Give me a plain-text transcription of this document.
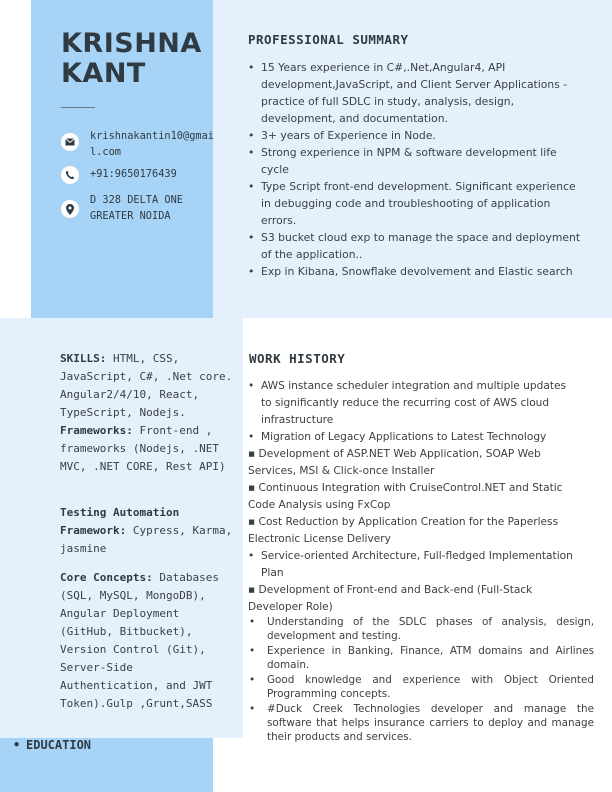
KRISHNA
KANT
krishnakantin10@gmail.com
+91:9650176439
D 328 DELTA ONE
GREATER NOIDA
PROFESSIONAL SUMMARY
• 15 Years experience in C#,.Net,Angular4, API development,JavaScript, and Client Server Applications - practice of full SDLC in study, analysis, design, development, and documentation.
• 3+ years of Experience in Node.
• Strong experience in NPM & software development life cycle
• Type Script front-end development. Significant experience in debugging code and troubleshooting of application errors.
• S3 bucket cloud exp to manage the space and deployment of the application..
• Exp in Kibana, Snowflake devolvement and Elastic search
SKILLS: HTML, CSS, JavaScript, C#, .Net core. Angular2/4/10, React, TypeScript, Nodejs. Frameworks: Front-end , frameworks (Nodejs, .NET MVC, .NET CORE, Rest API)
Testing Automation Framework: Cypress, Karma, jasmine
Core Concepts: Databases (SQL, MySQL, MongoDB), Angular Deployment (GitHub, Bitbucket), Version Control (Git), Server-Side Authentication, and JWT Token).Gulp ,Grunt,SASS
WORK HISTORY
• AWS instance scheduler integration and multiple updates to significantly reduce the recurring cost of AWS cloud infrastructure
• Migration of Legacy Applications to Latest Technology
▪ Development of ASP.NET Web Application, SOAP Web Services, MSI & Click-once Installer
▪ Continuous Integration with CruiseControl.NET and Static Code Analysis using FxCop
▪ Cost Reduction by Application Creation for the Paperless Electronic License Delivery
• Service-oriented Architecture, Full-fledged Implementation Plan
▪ Development of Front-end and Back-end (Full-Stack Developer Role)
• Understanding of the SDLC phases of analysis, design, development and testing.
• Experience in Banking, Finance, ATM domains and Airlines domain.
• Good knowledge and experience with Object Oriented Programming concepts.
• #Duck Creek Technologies developer and manage the software that helps insurance carriers to deploy and manage their products and services.
• EDUCATION
